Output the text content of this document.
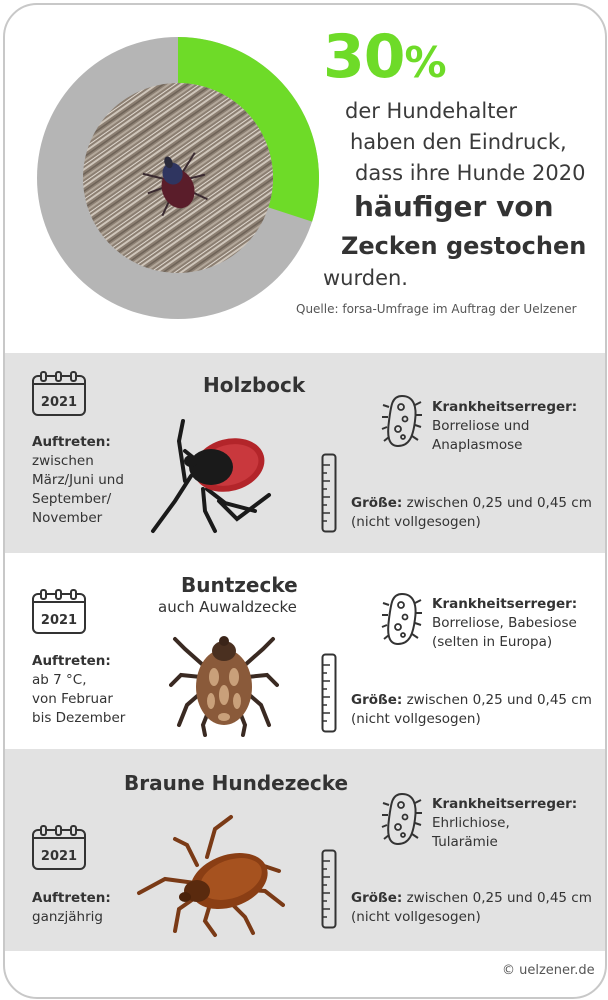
30%
der Hundehalter
haben den Eindruck,
dass ihre Hunde 2020
häufiger von
Zecken gestochen
wurden.
Quelle: forsa-Umfrage im Auftrag der Uelzener
2021
Auftreten:
zwischen
März/Juni und
September/
November
Holzbock
Krankheitserreger:
Borreliose und
Anaplasmose
Größe: zwischen 0,25 und 0,45 cm
(nicht vollgesogen)
2021
Auftreten:
ab 7 °C,
von Februar
bis Dezember
Buntzecke
auch Auwaldzecke	Krankheitserreger:
Borreliose, Babesiose
(selten in Europa)
Größe: zwischen 0,25 und 0,45 cm
(nicht vollgesogen)
Braune Hundezecke
2021
Auftreten:
ganzjährig
Krankheitserreger:
Ehrlichiose,
Tularämie
Größe: zwischen 0,25 und 0,45 cm
(nicht vollgesogen)
© uelzener.de
